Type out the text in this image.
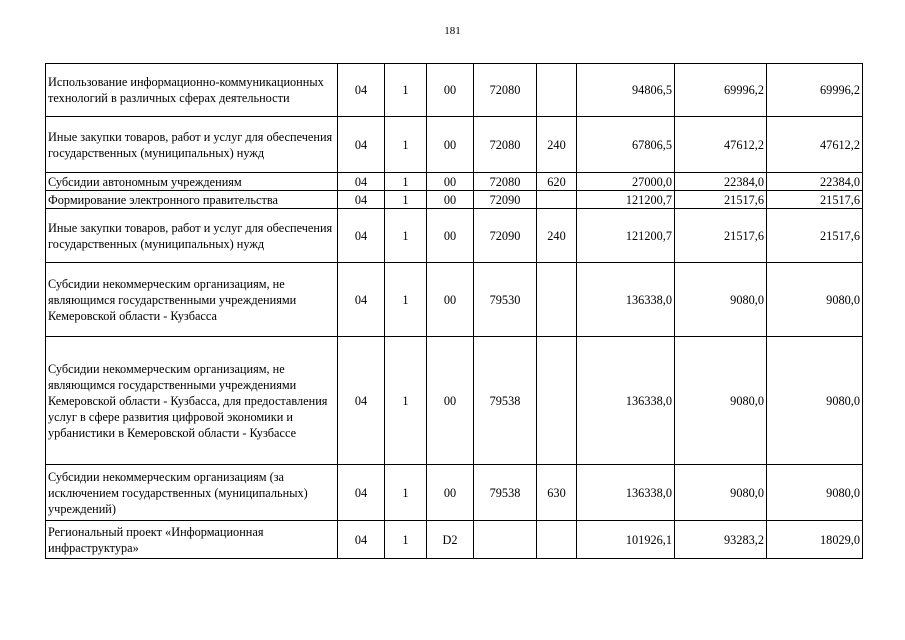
181
Использование информационно-коммуникационных технологий в различных сферах деятельности	04	1	00	72080		94806,5	69996,2	69996,2
Иные закупки товаров, работ и услуг для обеспечения государственных (муниципальных) нужд	04	1	00	72080	240	67806,5	47612,2	47612,2
Субсидии автономным учреждениям	04	1	00	72080	620	27000,0	22384,0	22384,0
Формирование электронного правительства	04	1	00	72090		121200,7	21517,6	21517,6
Иные закупки товаров, работ и услуг для обеспечения государственных (муниципальных) нужд	04	1	00	72090	240	121200,7	21517,6	21517,6
Субсидии некоммерческим организациям, не являющимся государственными учреждениями Кемеровской области - Кузбасса	04	1	00	79530		136338,0	9080,0	9080,0
Субсидии некоммерческим организациям, не являющимся государственными учреждениями Кемеровской области - Кузбасса, для предоставления услуг в сфере развития цифровой экономики и урбанистики в Кемеровской области - Кузбассе	04	1	00	79538		136338,0	9080,0	9080,0
Субсидии некоммерческим организациям (за исключением государственных (муниципальных) учреждений)	04	1	00	79538	630	136338,0	9080,0	9080,0
Региональный проект «Информационная инфраструктура»	04	1	D2			101926,1	93283,2	18029,0
